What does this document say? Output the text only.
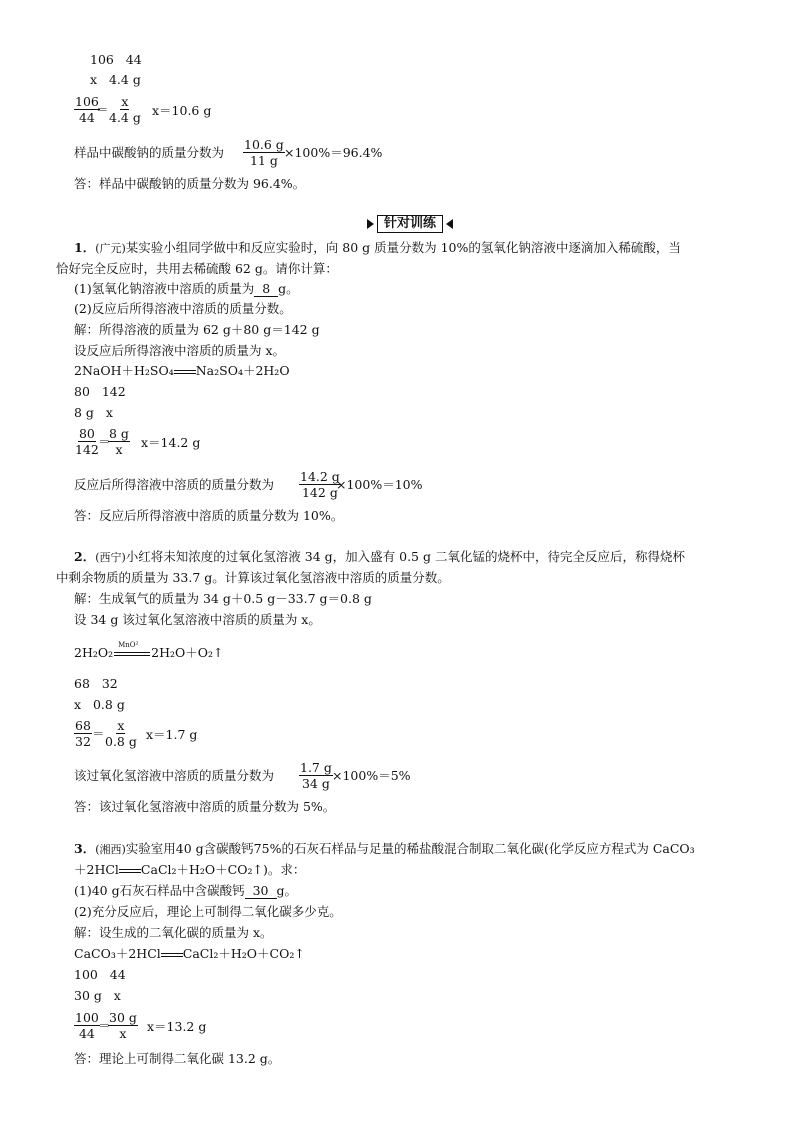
106   44
x   4.4 g
$\frac{106}{44}$
＝ $\frac{x}{4.4 g} x=10.6$ g
样品中碳酸钠的质量分数为 $\frac{10.6 g}{11 g} \times 100\%=96.4\%$
答：样品中碳酸钠的质量分数为 96.4%。
针对训练
1．(广元)某实验小组同学做中和反应实验时，向 80 g 质量分数为 10%的氢氧化钠溶液中逐滴加入稀硫酸，当
恰好完全反应时，共用去稀硫酸 62 g。请你计算：
(1)氢氧化钠溶液中溶质的质量为 8 g。
(2)反应后所得溶液中溶质的质量分数。
解：所得溶液的质量为 62 g＋80 g＝142 g
设反应后所得溶液中溶质的质量为 x。
2NaOH＋H₂SO₄ Na₂SO₄＋2H₂O
80   142
8 g   x
$\frac{80}{142}$
＝
$\frac{8 g}{x} x=14.2$ g
反应后所得溶液中溶质的质量分数为 $\frac{14.2 g}{142 g}$
×100%＝10%
答：反应后所得溶液中溶质的质量分数为 10%。
2．(西宁)小红将未知浓度的过氧化氢溶液 34 g，加入盛有 0.5 g 二氧化锰的烧杯中，待完全反应后，称得烧杯
中剩余物质的质量为 33.7 g。计算该过氧化氢溶液中溶质的质量分数。
解：生成氧气的质量为 34 g＋0.5 g－33.7 g＝0.8 g
设 34 g 该过氧化氢溶液中溶质的质量为 x。
2H₂O₂
MnO²
2H₂O＋O₂↑
68   32
x   0.8 g
$\frac{68}{32} = \frac{x}{0.8 g} x=1.7$ g
该过氧化氢溶液中溶质的质量分数为 $\frac{1.7 g}{34 g} \times 100\%=5\%$
答：该过氧化氢溶液中溶质的质量分数为 5%。
3．(湘西)实验室用40 g含碳酸钙75%的石灰石样品与足量的稀盐酸混合制取二氧化碳(化学反应方程式为 CaCO₃
＋2HCl CaCl₂＋H₂O＋CO₂↑)。求：
(1)40 g石灰石样品中含碳酸钙 30 g。
(2)充分反应后，理论上可制得二氧化碳多少克。
解：设生成的二氧化碳的质量为 x。
CaCO₃＋2HCl CaCl₂＋H₂O＋CO₂↑
100   44
30 g   x
$\frac{100}{44}$
＝
$\frac{30 g}{x} x=13.2$ g
答：理论上可制得二氧化碳 13.2 g。
